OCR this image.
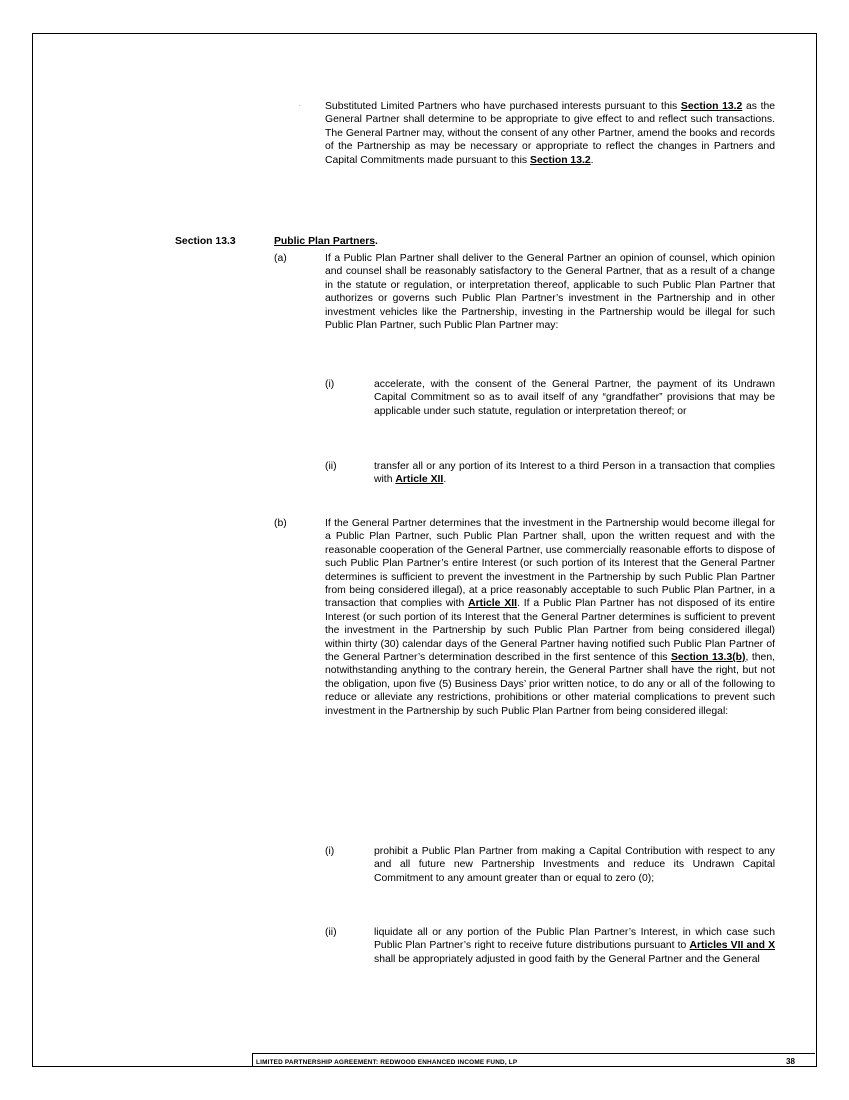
· Substituted Limited Partners who have purchased interests pursuant to this Section 13.2 as the General Partner shall determine to be appropriate to give effect to and reflect such transactions. The General Partner may, without the consent of any other Partner, amend the books and records of the Partnership as may be necessary or appropriate to reflect the changes in Partners and Capital Commitments made pursuant to this Section 13.2.
Section 13.3	Public Plan Partners .
(a)	If a Public Plan Partner shall deliver to the General Partner an opinion of counsel, which opinion and counsel shall be reasonably satisfactory to the General Partner, that as a result of a change in the statute or regulation, or interpretation thereof, applicable to such Public Plan Partner that authorizes or governs such Public Plan Partner’s investment in the Partnership and in other investment vehicles like the Partnership, investing in the Partnership would be illegal for such Public Plan Partner, such Public Plan Partner may:
(i)	accelerate, with the consent of the General Partner, the payment of its Undrawn Capital Commitment so as to avail itself of any “grandfather” provisions that may be applicable under such statute, regulation or interpretation thereof; or
(ii)	transfer all or any portion of its Interest to a third Person in a transaction that complies with Article XII.
(b)	If the General Partner determines that the investment in the Partnership would become illegal for a Public Plan Partner, such Public Plan Partner shall, upon the written request and with the reasonable cooperation of the General Partner, use commercially reasonable efforts to dispose of such Public Plan Partner’s entire Interest (or such portion of its Interest that the General Partner determines is sufficient to prevent the investment in the Partnership by such Public Plan Partner from being considered illegal), at a price reasonably acceptable to such Public Plan Partner, in a transaction that complies with Article XII. If a Public Plan Partner has not disposed of its entire Interest (or such portion of its Interest that the General Partner determines is sufficient to prevent the investment in the Partnership by such Public Plan Partner from being considered illegal) within thirty (30) calendar days of the General Partner having notified such Public Plan Partner of the General Partner’s determination described in the first sentence of this Section 13.3(b), then, notwithstanding anything to the contrary herein, the General Partner shall have the right, but not the obligation, upon five (5) Business Days’ prior written notice, to do any or all of the following to reduce or alleviate any restrictions, prohibitions or other material complications to prevent such investment in the Partnership by such Public Plan Partner from being considered illegal:
(i)	prohibit a Public Plan Partner from making a Capital Contribution with respect to any and all future new Partnership Investments and reduce its Undrawn Capital Commitment to any amount greater than or equal to zero (0);
(ii)	liquidate all or any portion of the Public Plan Partner’s Interest, in which case such Public Plan Partner’s right to receive future distributions pursuant to Articles VII and X shall be appropriately adjusted in good faith by the General Partner and the General
LIMITED PARTNERSHIP AGREEMENT: REDWOOD ENHANCED INCOME FUND, LP	38
